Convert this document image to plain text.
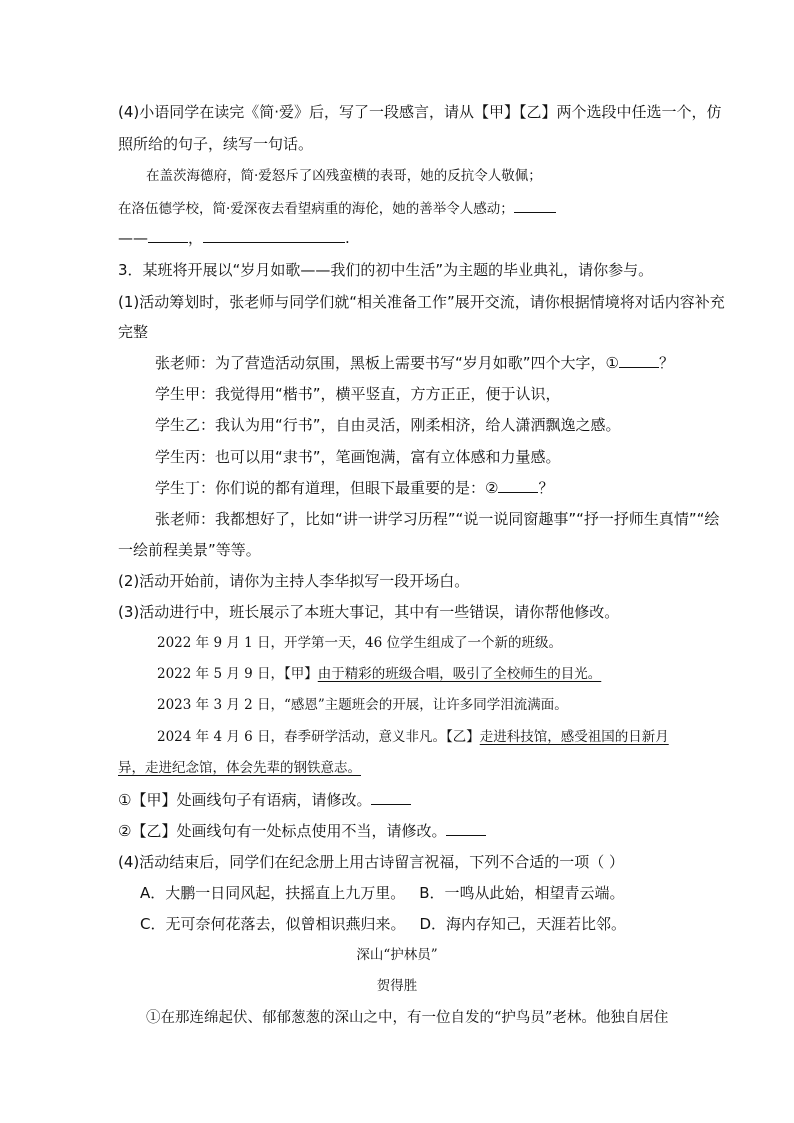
(4)小语同学在读完《简·爱》后，写了一段感言，请从【甲】【乙】两个选段中任选一个，仿
照所给的句子，续写一句话。
在盖茨海德府，简·爱怒斥了凶残蛮横的表哥，她的反抗令人敬佩；
在洛伍德学校，简·爱深夜去看望病重的海伦，她的善举令人感动；
——	，	.
3．某班将开展以“岁月如歌——我们的初中生活”为主题的毕业典礼，请你参与。
(1)活动筹划时，张老师与同学们就“相关准备工作”展开交流，请你根据情境将对话内容补充
完整
张老师：为了营造活动氛围，黑板上需要书写“岁月如歌”四个大字，①	？
学生甲：我觉得用“楷书”，横平竖直，方方正正，便于认识，
学生乙：我认为用“行书”，自由灵活，刚柔相济，给人潇洒飘逸之感。
学生丙：也可以用“隶书”，笔画饱满，富有立体感和力量感。
学生丁：你们说的都有道理，但眼下最重要的是：②	？
张老师：我都想好了，比如“讲一讲学习历程”“说一说同窗趣事”“抒一抒师生真情”“绘
一绘前程美景”等等。
(2)活动开始前，请你为主持人李华拟写一段开场白。
(3)活动进行中，班长展示了本班大事记，其中有一些错误，请你帮他修改。
2022 年 9 月 1 日，开学第一天，46 位学生组成了一个新的班级。
2022 年 5 月 9 日，【甲】由于精彩的班级合唱，吸引了全校师生的目光。
2023 年 3 月 2 日，“感恩”主题班会的开展，让许多同学泪流满面。
2024 年 4 月 6 日，春季研学活动，意义非凡。【乙】走进科技馆，感受祖国的日新月
异，走进纪念馆，体会先辈的钢铁意志。
①【甲】处画线句子有语病，请修改。
②【乙】处画线句有一处标点使用不当，请修改。
(4)活动结束后，同学们在纪念册上用古诗留言祝福，下列不合适的一项（ ）
A．大鹏一日同风起，扶摇直上九万里。 B．一鸣从此始，相望青云端。
C．无可奈何花落去，似曾相识燕归来。 D．海内存知己，天涯若比邻。
深山“护林员”
贺得胜
①在那连绵起伏、郁郁葱葱的深山之中，有一位自发的“护鸟员”老林。他独自居住
